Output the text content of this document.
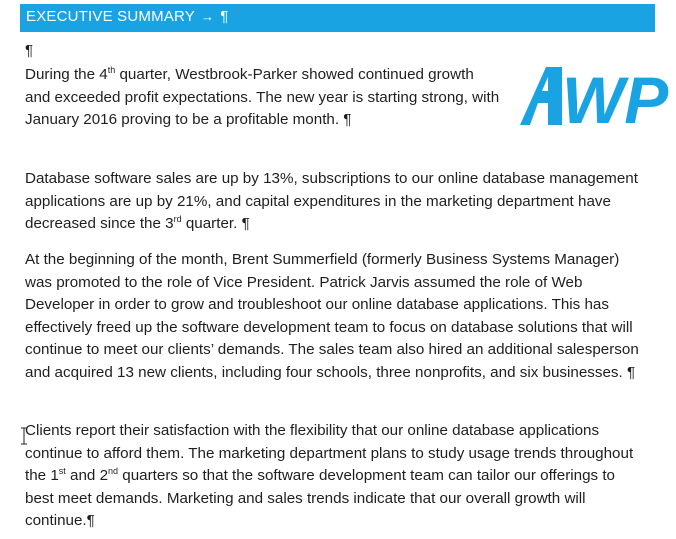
EXECUTIVE SUMMARY → ¶
¶
WP
During the 4th quarter, Westbrook-Parker showed continued growth and exceeded profit expectations. The new year is starting strong, with January 2016 proving to be a profitable month. ¶
Database software sales are up by 13%, subscriptions to our online database management applications are up by 21%, and capital expenditures in the marketing department have decreased since the 3rd quarter. ¶
At the beginning of the month, Brent Summerfield (formerly Business Systems Manager) was promoted to the role of Vice President. Patrick Jarvis assumed the role of Web Developer in order to grow and troubleshoot our online database applications. This has effectively freed up the software development team to focus on database solutions that will continue to meet our clients’ demands. The sales team also hired an additional salesperson and acquired 13 new clients, including four schools, three nonprofits, and six businesses. ¶
Clients report their satisfaction with the flexibility that our online database applications continue to afford them. The marketing department plans to study usage trends throughout the 1st and 2nd quarters so that the software development team can tailor our offerings to best meet demands. Marketing and sales trends indicate that our overall growth will continue.¶
